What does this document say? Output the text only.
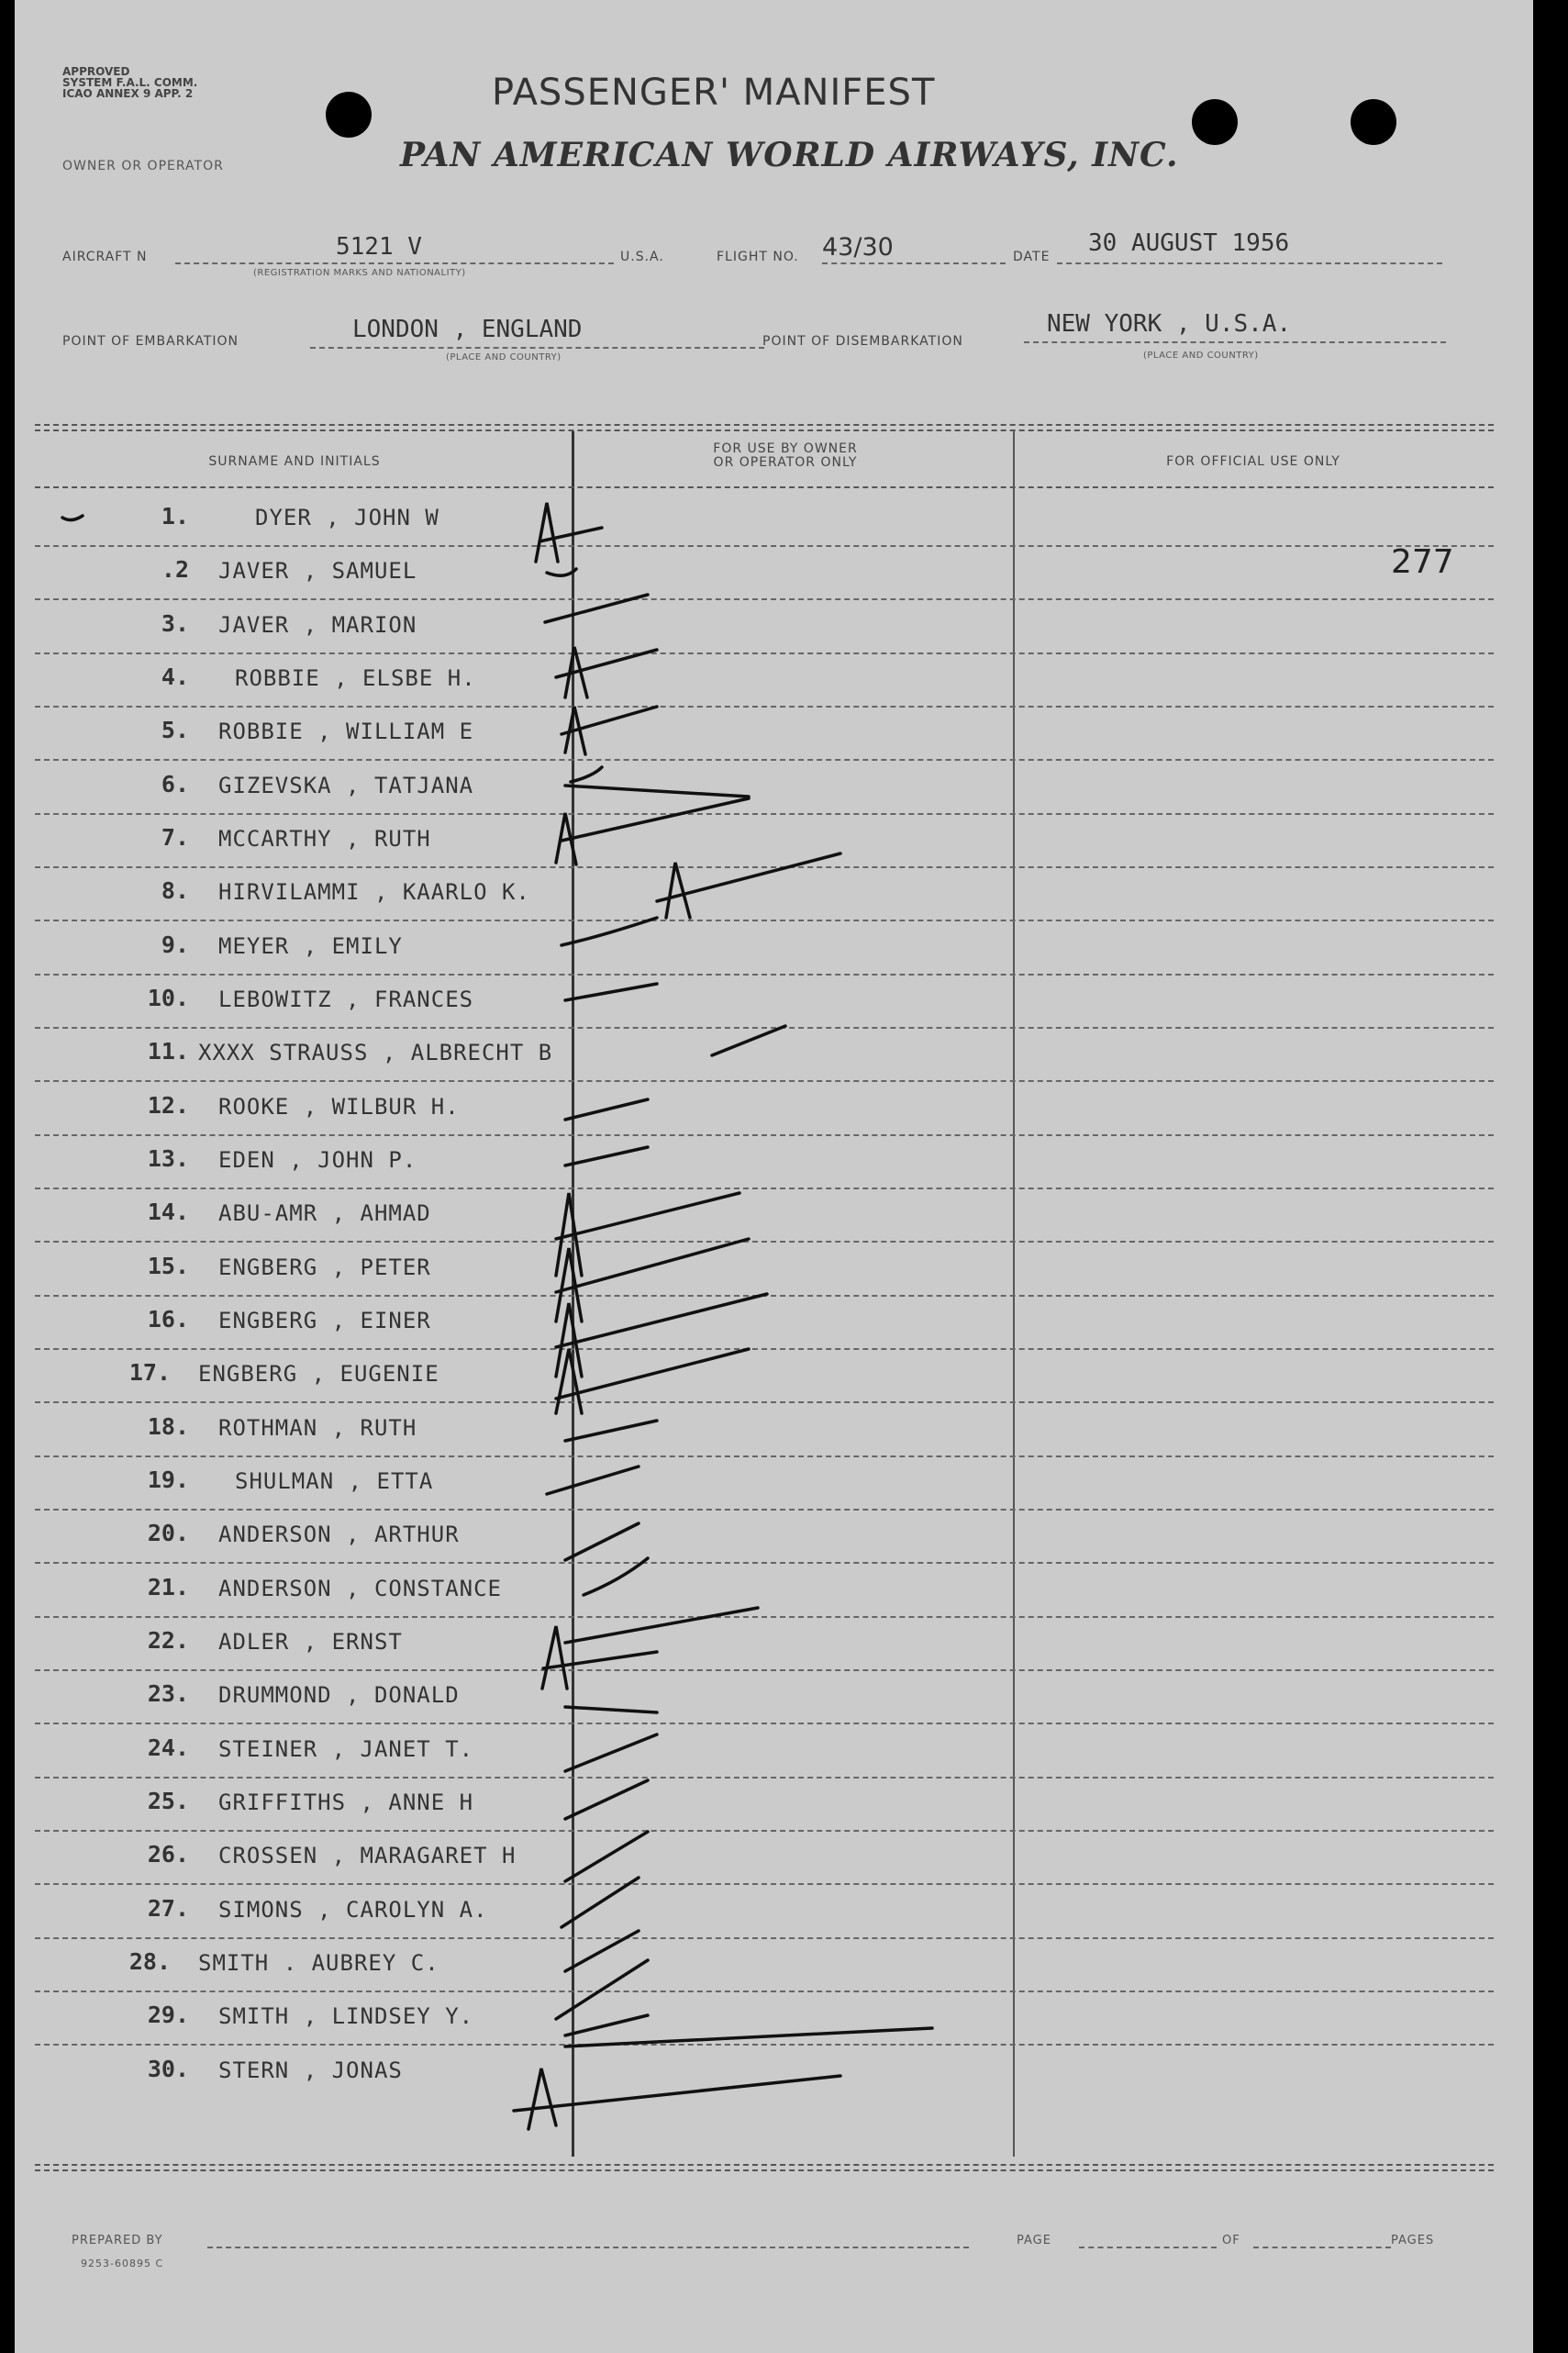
APPROVED
SYSTEM F.A.L. COMM.
ICAO ANNEX 9 APP. 2	PASSENGER' MANIFEST
OWNER OR OPERATOR	PAN AMERICAN WORLD AIRWAYS, INC.
AIRCRAFT N	5121 V
(REGISTRATION MARKS AND NATIONALITY)
U.S.A.	FLIGHT NO. 43/30	DATE 30 AUGUST 1956
POINT OF EMBARKATION	LONDON , ENGLAND
(PLACE AND COUNTRY)
POINT OF DISEMBARKATION
NEW YORK , U.S.A.
(PLACE AND COUNTRY)
SURNAME AND INITIALS
FOR USE BY OWNER
OR OPERATOR ONLY	FOR OFFICIAL USE ONLY
277
1.	DYER , JOHN W
.2 JAVER , SAMUEL
3. JAVER , MARION
4. ROBBIE , ELSBE H.
5. ROBBIE , WILLIAM E
6. GIZEVSKA , TATJANA
7. MCCARTHY , RUTH
8. HIRVILAMMI , KAARLO K.
9. MEYER , EMILY
10. LEBOWITZ , FRANCES
11. XXXX STRAUSS , ALBRECHT B
12. ROOKE , WILBUR H.
13. EDEN , JOHN P.
14. ABU-AMR , AHMAD
15. ENGBERG , PETER
16. ENGBERG , EINER
17. ENGBERG , EUGENIE
18. ROTHMAN , RUTH
19. SHULMAN , ETTA
20. ANDERSON , ARTHUR
21. ANDERSON , CONSTANCE
22. ADLER , ERNST
23. DRUMMOND , DONALD
24. STEINER , JANET T.
25. GRIFFITHS , ANNE H
26. CROSSEN , MARAGARET H
27. SIMONS , CAROLYN A.
28. SMITH . AUBREY C.
29. SMITH , LINDSEY Y.
30. STERN , JONAS
PREPARED BY
9253-60895 C
PAGE	OF	PAGES
